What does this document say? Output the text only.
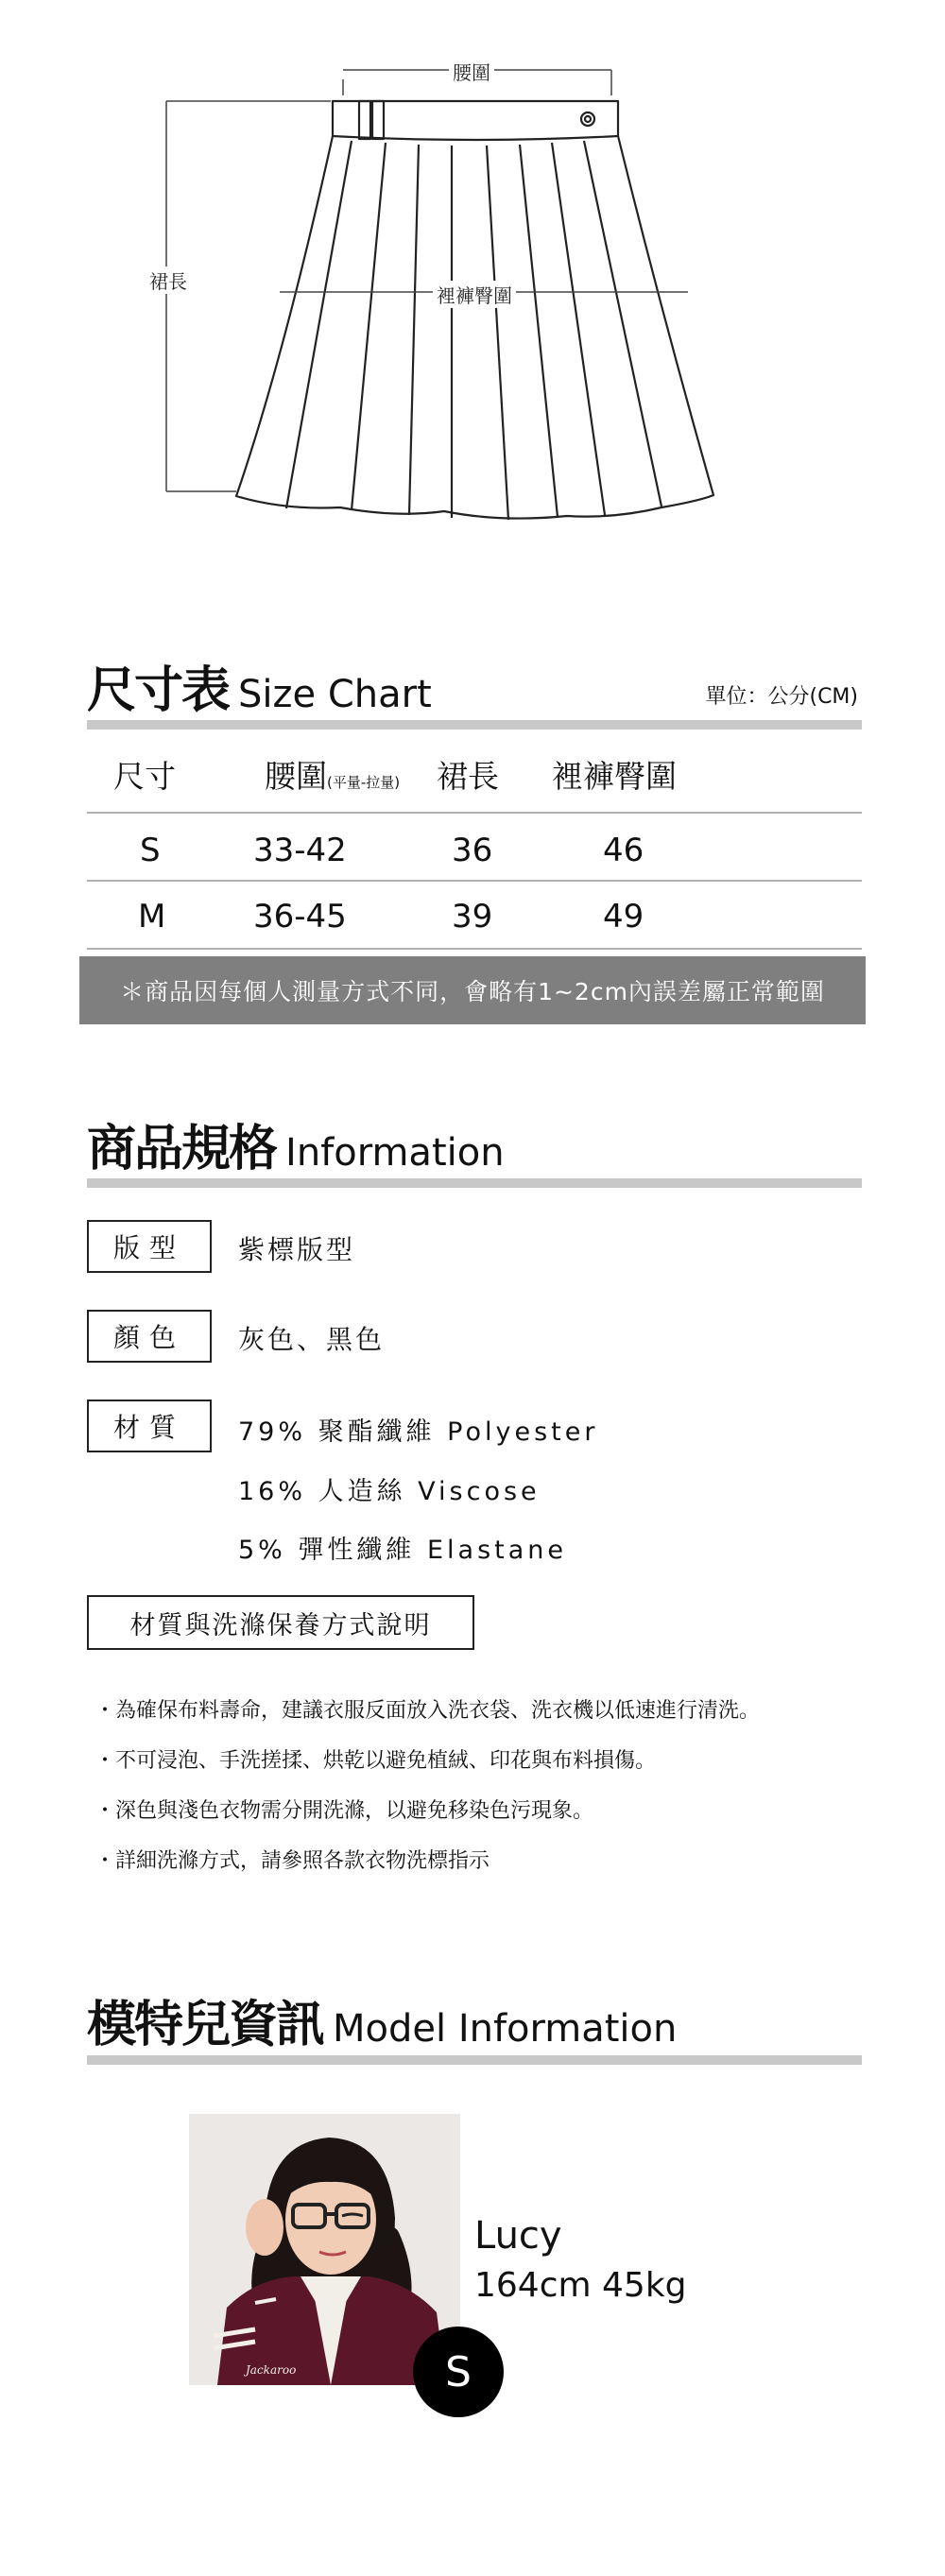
腰圍
裙長
裡褲臀圍
尺寸表 Size Chart	單位：公分(CM)
尺寸	腰圍(平量-拉量) 裙長 裡褲臀圍
S	33-42	36	46
M	36-45	39	49
＊商品因每個人測量方式不同，會略有1~2cm內誤差屬正常範圍
商品規格 Information
版型	紫標版型
顏色	灰色、黑色
材質	79% 聚酯纖維 Polyester
16% 人造絲 Viscose
5% 彈性纖維 Elastane
材質與洗滌保養方式說明
・為確保布料壽命，建議衣服反面放入洗衣袋、洗衣機以低速進行清洗。
・不可浸泡、手洗搓揉、烘乾以避免植絨、印花與布料損傷。
・深色與淺色衣物需分開洗滌，以避免移染色污現象。
・詳細洗滌方式，請參照各款衣物洗標指示
模特兒資訊 Model Information
Jackaroo
Lucy
164cm 45kg
S
